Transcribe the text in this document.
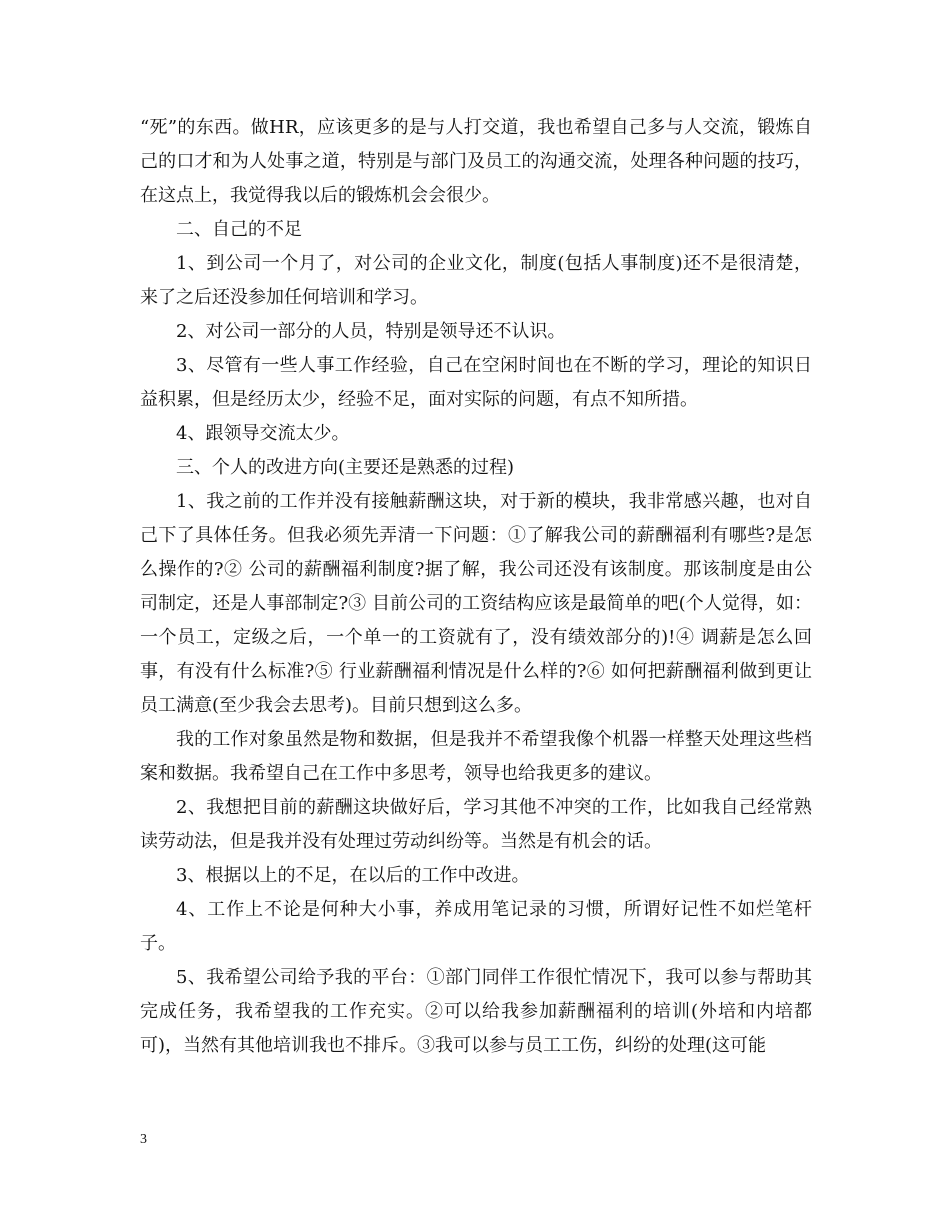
“死”的东西。做HR，应该更多的是与人打交道，我也希望自己多与人交流，锻炼自己的口才和为人处事之道，特别是与部门及员工的沟通交流，处理各种问题的技巧，在这点上，我觉得我以后的锻炼机会会很少。

二、自己的不足

1、到公司一个月了，对公司的企业文化，制度(包括人事制度)还不是很清楚，来了之后还没参加任何培训和学习。

2、对公司一部分的人员，特别是领导还不认识。

3、尽管有一些人事工作经验，自己在空闲时间也在不断的学习，理论的知识日益积累，但是经历太少，经验不足，面对实际的问题，有点不知所措。

4、跟领导交流太少。

三、个人的改进方向(主要还是熟悉的过程)

1、我之前的工作并没有接触薪酬这块，对于新的模块，我非常感兴趣，也对自己下了具体任务。但我必须先弄清一下问题：①了解我公司的薪酬福利有哪些?是怎么操作的?② 公司的薪酬福利制度?据了解，我公司还没有该制度。那该制度是由公司制定，还是人事部制定?③ 目前公司的工资结构应该是最简单的吧(个人觉得，如：一个员工，定级之后，一个单一的工资就有了，没有绩效部分的)!④ 调薪是怎么回事，有没有什么标准?⑤ 行业薪酬福利情况是什么样的?⑥ 如何把薪酬福利做到更让员工满意(至少我会去思考)。目前只想到这么多。

我的工作对象虽然是物和数据，但是我并不希望我像个机器一样整天处理这些档案和数据。我希望自己在工作中多思考，领导也给我更多的建议。

2、我想把目前的薪酬这块做好后，学习其他不冲突的工作，比如我自己经常熟读劳动法，但是我并没有处理过劳动纠纷等。当然是有机会的话。

3、根据以上的不足，在以后的工作中改进。

4、工作上不论是何种大小事，养成用笔记录的习惯，所谓好记性不如烂笔杆子。

5、我希望公司给予我的平台：①部门同伴工作很忙情况下，我可以参与帮助其完成任务，我希望我的工作充实。②可以给我参加薪酬福利的培训(外培和内培都可)，当然有其他培训我也不排斥。③我可以参与员工工伤，纠纷的处理(这可能

3
